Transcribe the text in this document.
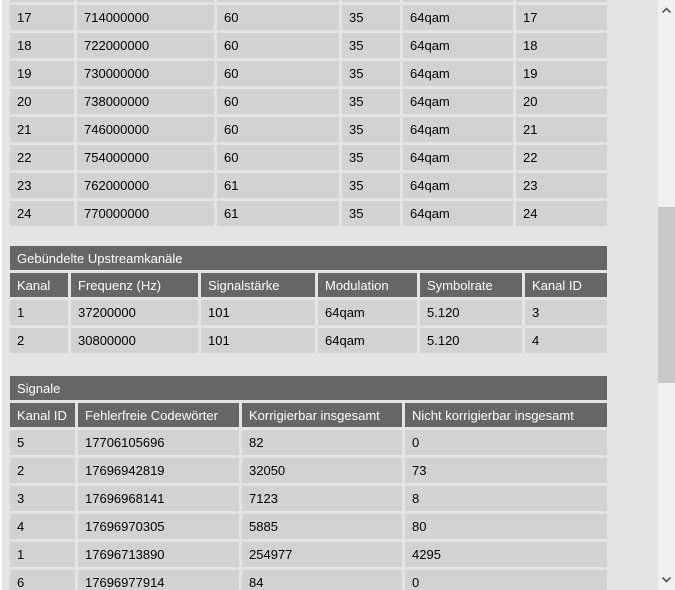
17	714000000	60	35	64qam	17
18	722000000	60	35	64qam	18
19	730000000	60	35	64qam	19
20	738000000	60	35	64qam	20
21	746000000	60	35	64qam	21
22	754000000	60	35	64qam	22
23	762000000	61	35	64qam	23
24	770000000	61	35	64qam	24
Gebündelte Upstreamkanäle
Kanal	Frequenz (Hz)	Signalstärke	Modulation	Symbolrate	Kanal ID
1	37200000	101	64qam	5.120	3
2	30800000	101	64qam	5.120	4
Signale
Kanal ID	Fehlerfreie Codewörter	Korrigierbar insgesamt	Nicht korrigierbar insgesamt
5	17706105696	82	0
2	17696942819	32050	73
3	17696968141	7123	8
4	17696970305	5885	80
1	17696713890	254977	4295
6	17696977914	84	0
